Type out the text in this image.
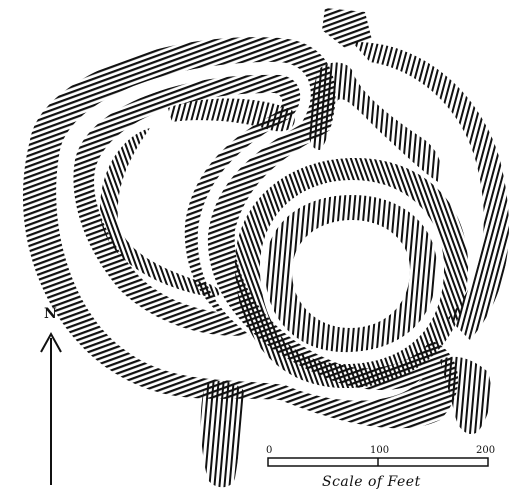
N
0	100	200
Scale of Feet
